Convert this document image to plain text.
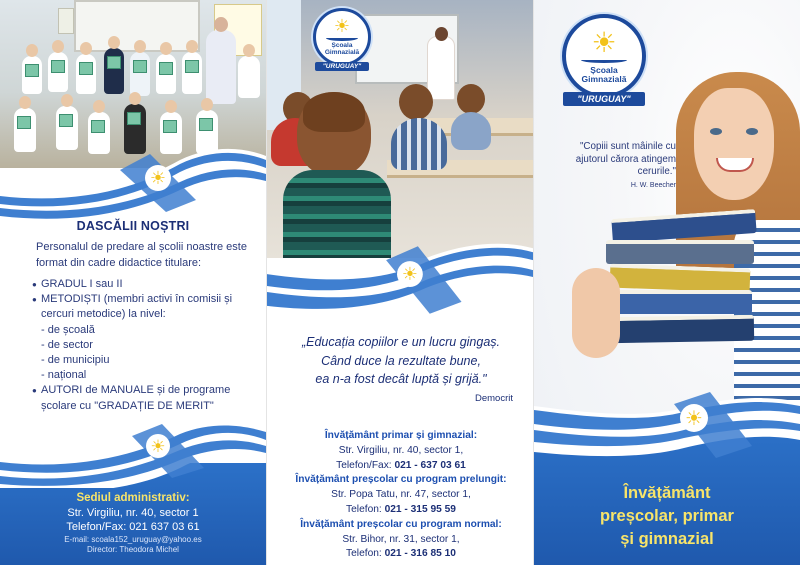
☀
DASCĂLII NOȘTRI

Personalul de predare al școlii noastre este format din cadre didactice titulare:

● GRADUL I sau II
● METODIȘTI (membri activi în comisii și cercuri metodice) la nivel:
- de școală
- de sector
- de municipiu
- național
● AUTORI de MANUALE și de programe școlare cu "GRADAȚIE DE MERIT"
Sediul administrativ:
Str. Virgiliu, nr. 40, sector 1
Telefon/Fax: 021 637 03 61
E-mail: scoala152_uruguay@yahoo.es
Director: Theodora Michel
☀
☀
Școala
Gimnazială
"URUGUAY"
☀
„Educația copiilor e un lucru gingaș.
Când duce la rezultate bune,
ea n-a fost decât luptă și grijă."
Democrit
Învățământ primar și gimnazial:
Str. Virgiliu, nr. 40, sector 1,
Telefon/Fax: 021 - 637 03 61
Învățământ preșcolar cu program prelungit:
Str. Popa Tatu, nr. 47, sector 1,
Telefon: 021 - 315 95 59
Învățământ preșcolar cu program normal:
Str. Bihor, nr. 31, sector 1,
Telefon: 021 - 316 85 10
☀
Școala
Gimnazială
"URUGUAY"

"Copiii sunt mâinile cu ajutorul cărora atingem cerurile."

H. W. Beecher
☀
Învățământ
preșcolar, primar
și gimnazial
